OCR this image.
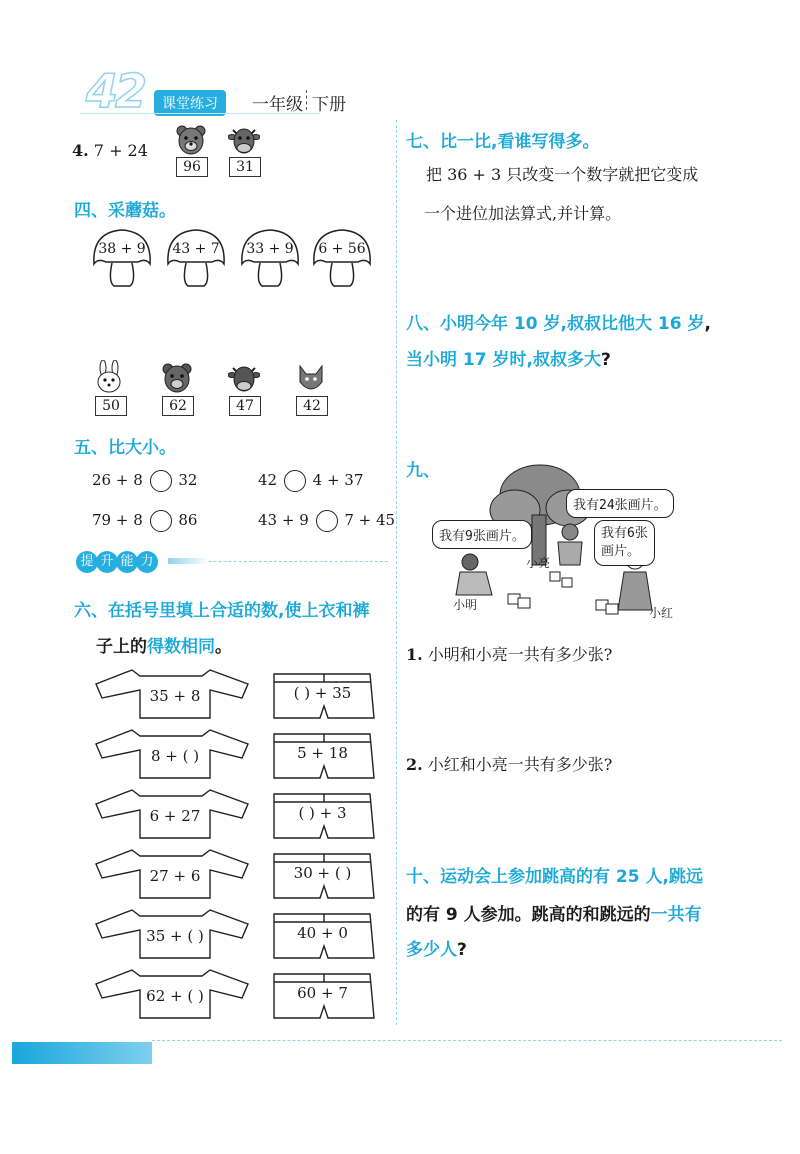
42	课堂练习	一年级 下册
4. 7 + 24
96	31
四、采蘑菇。
38 + 9	43 + 7	33 + 9	6 + 56
50	62	47	42
五、比大小。
26 + 8 32	42 4 + 37
79 + 8 86	43 + 9 7 + 45
提 升 能 力
六、在括号里填上合适的数,使上衣和裤
子上的得数相同。
35 + 8	( ) + 35
8 + ( )	5 + 18
6 + 27	( ) + 3
27 + 6	30 + ( )
35 + ( )	40 + 0
62 + ( )	60 + 7
七、比一比,看谁写得多。
把 36 + 3 只改变一个数字就把它变成
一个进位加法算式,并计算。
八、小明今年 10 岁,叔叔比他大 16 岁,
当小明 17 岁时,叔叔多大?
九、
我有24张画片。
我有9张画片。	我有6张
画片。
小亮
小明
小红
1. 小明和小亮一共有多少张?
2. 小红和小亮一共有多少张?
十、运动会上参加跳高的有 25 人,跳远
的有 9 人参加。跳高的和跳远的一共有
多少人?
